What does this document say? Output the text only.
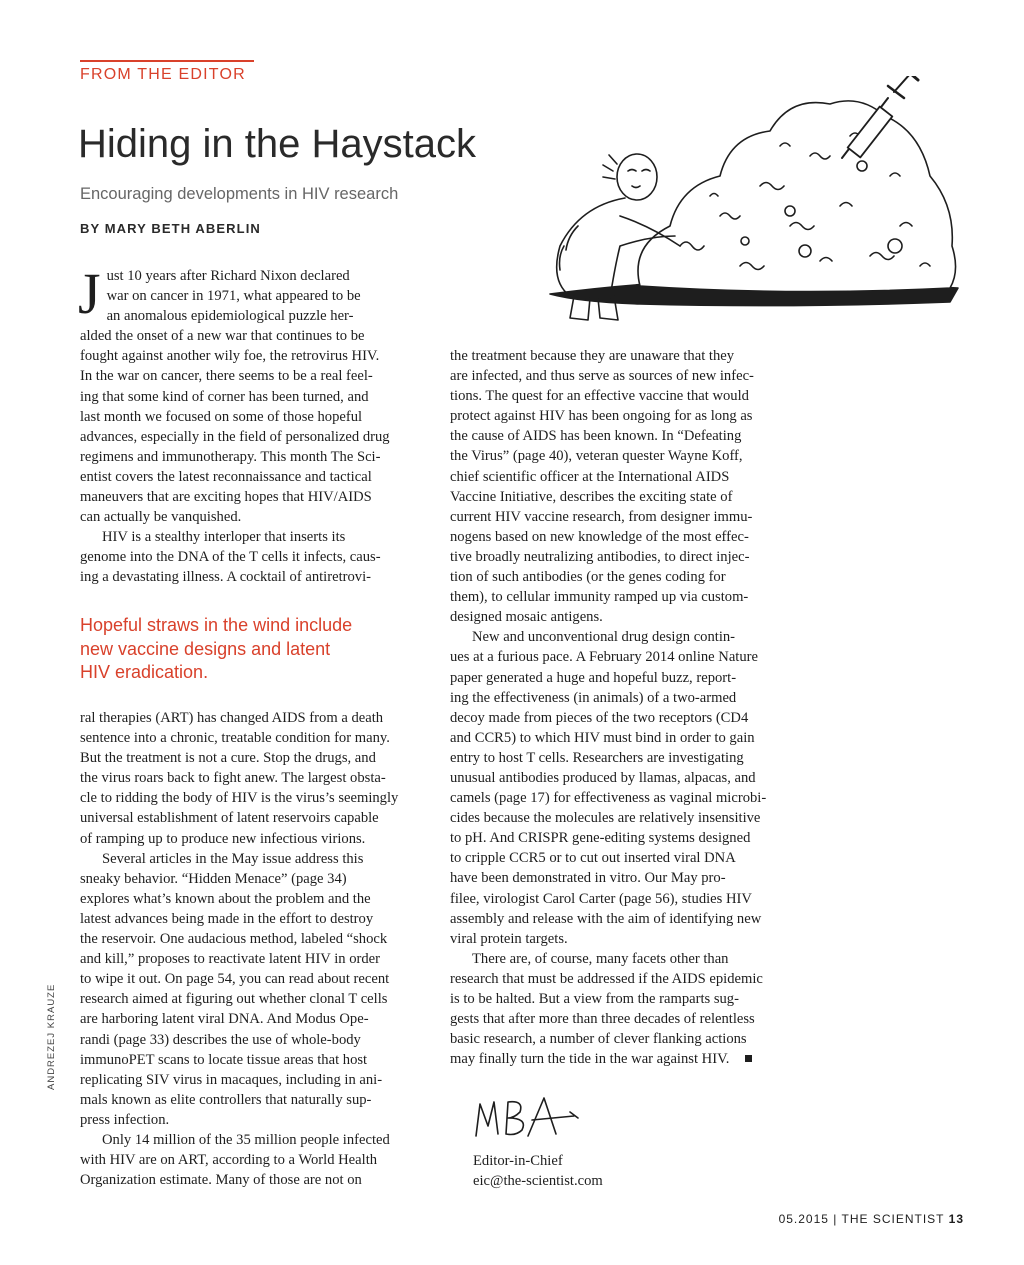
FROM THE EDITOR
Hiding in the Haystack
Encouraging developments in HIV research
BY MARY BETH ABERLIN
J ust 10 years after Richard Nixon declared
war on cancer in 1971, what appeared to be
an anomalous epidemiological puzzle her-
alded the onset of a new war that continues to be
fought against another wily foe, the retrovirus HIV.
In the war on cancer, there seems to be a real feel-
ing that some kind of corner has been turned, and
last month we focused on some of those hopeful
advances, especially in the field of personalized drug
regimens and immunotherapy. This month The Sci-
entist covers the latest reconnaissance and tactical
maneuvers that are exciting hopes that HIV/AIDS
can actually be vanquished.

HIV is a stealthy interloper that inserts its
genome into the DNA of the T cells it infects, caus-
ing a devastating illness. A cocktail of antiretrovi-

Hopeful straws in the wind include
new vaccine designs and latent
HIV eradication.

ral therapies (ART) has changed AIDS from a death
sentence into a chronic, treatable condition for many.
But the treatment is not a cure. Stop the drugs, and
the virus roars back to fight anew. The largest obsta-
cle to ridding the body of HIV is the virus’s seemingly
universal establishment of latent reservoirs capable
of ramping up to produce new infectious virions.

Several articles in the May issue address this
sneaky behavior. “Hidden Menace” (page 34)
explores what’s known about the problem and the
latest advances being made in the effort to destroy
the reservoir. One audacious method, labeled “shock
and kill,” proposes to reactivate latent HIV in order
to wipe it out. On page 54, you can read about recent
research aimed at figuring out whether clonal T cells
are harboring latent viral DNA. And Modus Ope-
randi (page 33) describes the use of whole-body
immunoPET scans to locate tissue areas that host
replicating SIV virus in macaques, including in ani-
mals known as elite controllers that naturally sup-
press infection.

Only 14 million of the 35 million people infected
with HIV are on ART, according to a World Health
Organization estimate. Many of those are not on

the treatment because they are unaware that they
are infected, and thus serve as sources of new infec-
tions. The quest for an effective vaccine that would
protect against HIV has been ongoing for as long as
the cause of AIDS has been known. In “Defeating
the Virus” (page 40), veteran quester Wayne Koff,
chief scientific officer at the International AIDS
Vaccine Initiative, describes the exciting state of
current HIV vaccine research, from designer immu-
nogens based on new knowledge of the most effec-
tive broadly neutralizing antibodies, to direct injec-
tion of such antibodies (or the genes coding for
them), to cellular immunity ramped up via custom-
designed mosaic antigens.

New and unconventional drug design contin-
ues at a furious pace. A February 2014 online Nature
paper generated a huge and hopeful buzz, report-
ing the effectiveness (in animals) of a two-armed
decoy made from pieces of the two receptors (CD4
and CCR5) to which HIV must bind in order to gain
entry to host T cells. Researchers are investigating
unusual antibodies produced by llamas, alpacas, and
camels (page 17) for effectiveness as vaginal microbi-
cides because the molecules are relatively insensitive
to pH. And CRISPR gene-editing systems designed
to cripple CCR5 or to cut out inserted viral DNA
have been demonstrated in vitro. Our May pro-
filee, virologist Carol Carter (page 56), studies HIV
assembly and release with the aim of identifying new
viral protein targets.

There are, of course, many facets other than
research that must be addressed if the AIDS epidemic
is to be halted. But a view from the ramparts sug-
gests that after more than three decades of relentless
basic research, a number of clever flanking actions
may finally turn the tide in the war against HIV.

Editor-in-Chief
eic@the-scientist.com
ANDREZEJ KRAUZE
05.2015 | THE SCIENTIST 13
